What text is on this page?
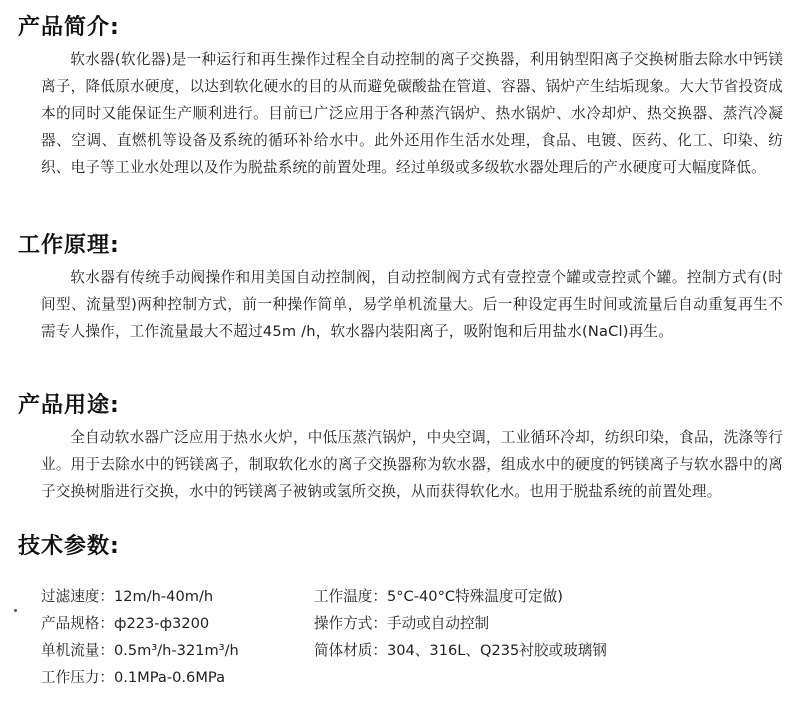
产品简介:
软水器(软化器)是一种运行和再生操作过程全自动控制的离子交换器，利用钠型阳离子交换树脂去除水中钙镁离子，降低原水硬度，以达到软化硬水的目的从而避免碳酸盐在管道、容器、锅炉产生结垢现象。大大节省投资成本的同时又能保证生产顺利进行。目前已广泛应用于各种蒸汽锅炉、热水锅炉、水冷却炉、热交换器、蒸汽冷凝器、空调、直燃机等设备及系统的循环补给水中。此外还用作生活水处理，食品、电镀、医药、化工、印染、纺织、电子等工业水处理以及作为脱盐系统的前置处理。经过单级或多级软水器处理后的产水硬度可大幅度降低。
工作原理:
软水器有传统手动阀操作和用美国自动控制阀，自动控制阀方式有壹控壹个罐或壹控贰个罐。控制方式有(时间型、流量型)两种控制方式，前一种操作简单，易学单机流量大。后一种设定再生时间或流量后自动重复再生不需专人操作，工作流量最大不超过45m /h，软水器内装阳离子，吸附饱和后用盐水(NaCl)再生。
产品用途:
全自动软水器广泛应用于热水火炉，中低压蒸汽锅炉，中央空调，工业循环冷却，纺织印染，食品，洗涤等行业。用于去除水中的钙镁离子，制取软化水的离子交换器称为软水器，组成水中的硬度的钙镁离子与软水器中的离子交换树脂进行交换，水中的钙镁离子被钠或氢所交换，从而获得软化水。也用于脱盐系统的前置处理。
技术参数:
过滤速度：12m/h-40m/h
产品规格：ф223-ф3200
单机流量：0.5m³/h-321m³/h
工作压力：0.1MPa-0.6MPa
工作温度：5°C-40°C特殊温度可定做)
操作方式：手动或自动控制
简体材质：304、316L、Q235衬胶或玻璃钢
